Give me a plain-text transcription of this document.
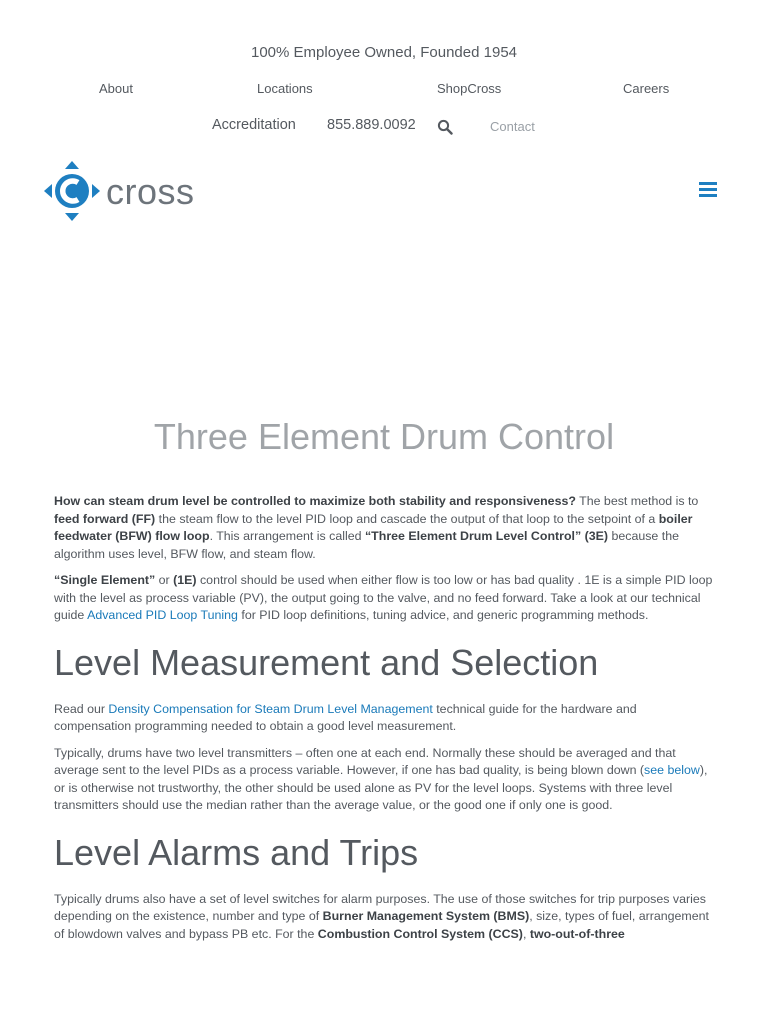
100% Employee Owned, Founded 1954
About	Locations	ShopCross	Careers
Accreditation 855.889.0092	Contact
cross
Three Element Drum Control

How can steam drum level be controlled to maximize both stability and responsiveness? The best method is to feed forward (FF) the steam flow to the level PID loop and cascade the output of that loop to the setpoint of a boiler feedwater (BFW) flow loop. This arrangement is called “Three Element Drum Level Control” (3E) because the algorithm uses level, BFW flow, and steam flow.

“Single Element” or (1E) control should be used when either flow is too low or has bad quality . 1E is a simple PID loop with the level as process variable (PV), the output going to the valve, and no feed forward. Take a look at our technical guide Advanced PID Loop Tuning for PID loop definitions, tuning advice, and generic programming methods.

Level Measurement and Selection

Read our Density Compensation for Steam Drum Level Management technical guide for the hardware and compensation programming needed to obtain a good level measurement.

Typically, drums have two level transmitters – often one at each end. Normally these should be averaged and that average sent to the level PIDs as a process variable. However, if one has bad quality, is being blown down (see below), or is otherwise not trustworthy, the other should be used alone as PV for the level loops. Systems with three level transmitters should use the median rather than the average value, or the good one if only one is good.

Level Alarms and Trips

Typically drums also have a set of level switches for alarm purposes. The use of those switches for trip purposes varies depending on the existence, number and type of Burner Management System (BMS), size, types of fuel, arrangement of blowdown valves and bypass PB etc. For the Combustion Control System (CCS), two-out-of-three
